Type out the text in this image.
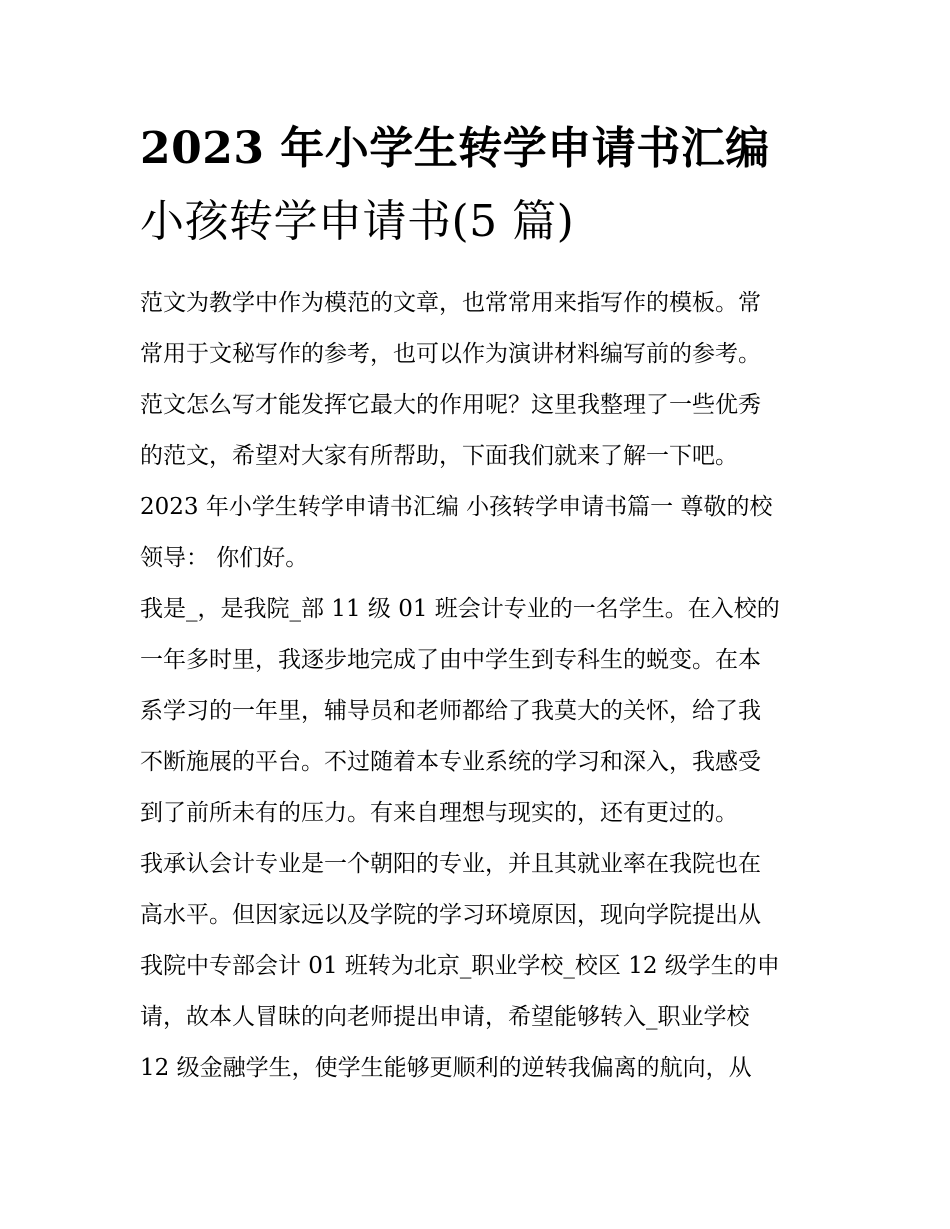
2023 年小学生转学申请书汇编
小孩转学申请书(5 篇)

范文为教学中作为模范的文章，也常常用来指写作的模板。常
常用于文秘写作的参考，也可以作为演讲材料编写前的参考。
范文怎么写才能发挥它最大的作用呢？这里我整理了一些优秀
的范文，希望对大家有所帮助，下面我们就来了解一下吧。

2023 年小学生转学申请书汇编 小孩转学申请书篇一 尊敬的校
领导： 你们好。

我是_，是我院_部 11 级 01 班会计专业的一名学生。在入校的
一年多时里，我逐步地完成了由中学生到专科生的蜕变。在本
系学习的一年里，辅导员和老师都给了我莫大的关怀，给了我
不断施展的平台。不过随着本专业系统的学习和深入，我感受
到了前所未有的压力。有来自理想与现实的，还有更过的。

我承认会计专业是一个朝阳的专业，并且其就业率在我院也在
高水平。但因家远以及学院的学习环境原因，现向学院提出从
我院中专部会计 01 班转为北京_职业学校_校区 12 级学生的申
请，故本人冒昧的向老师提出申请，希望能够转入_职业学校
12 级金融学生，使学生能够更顺利的逆转我偏离的航向，从
